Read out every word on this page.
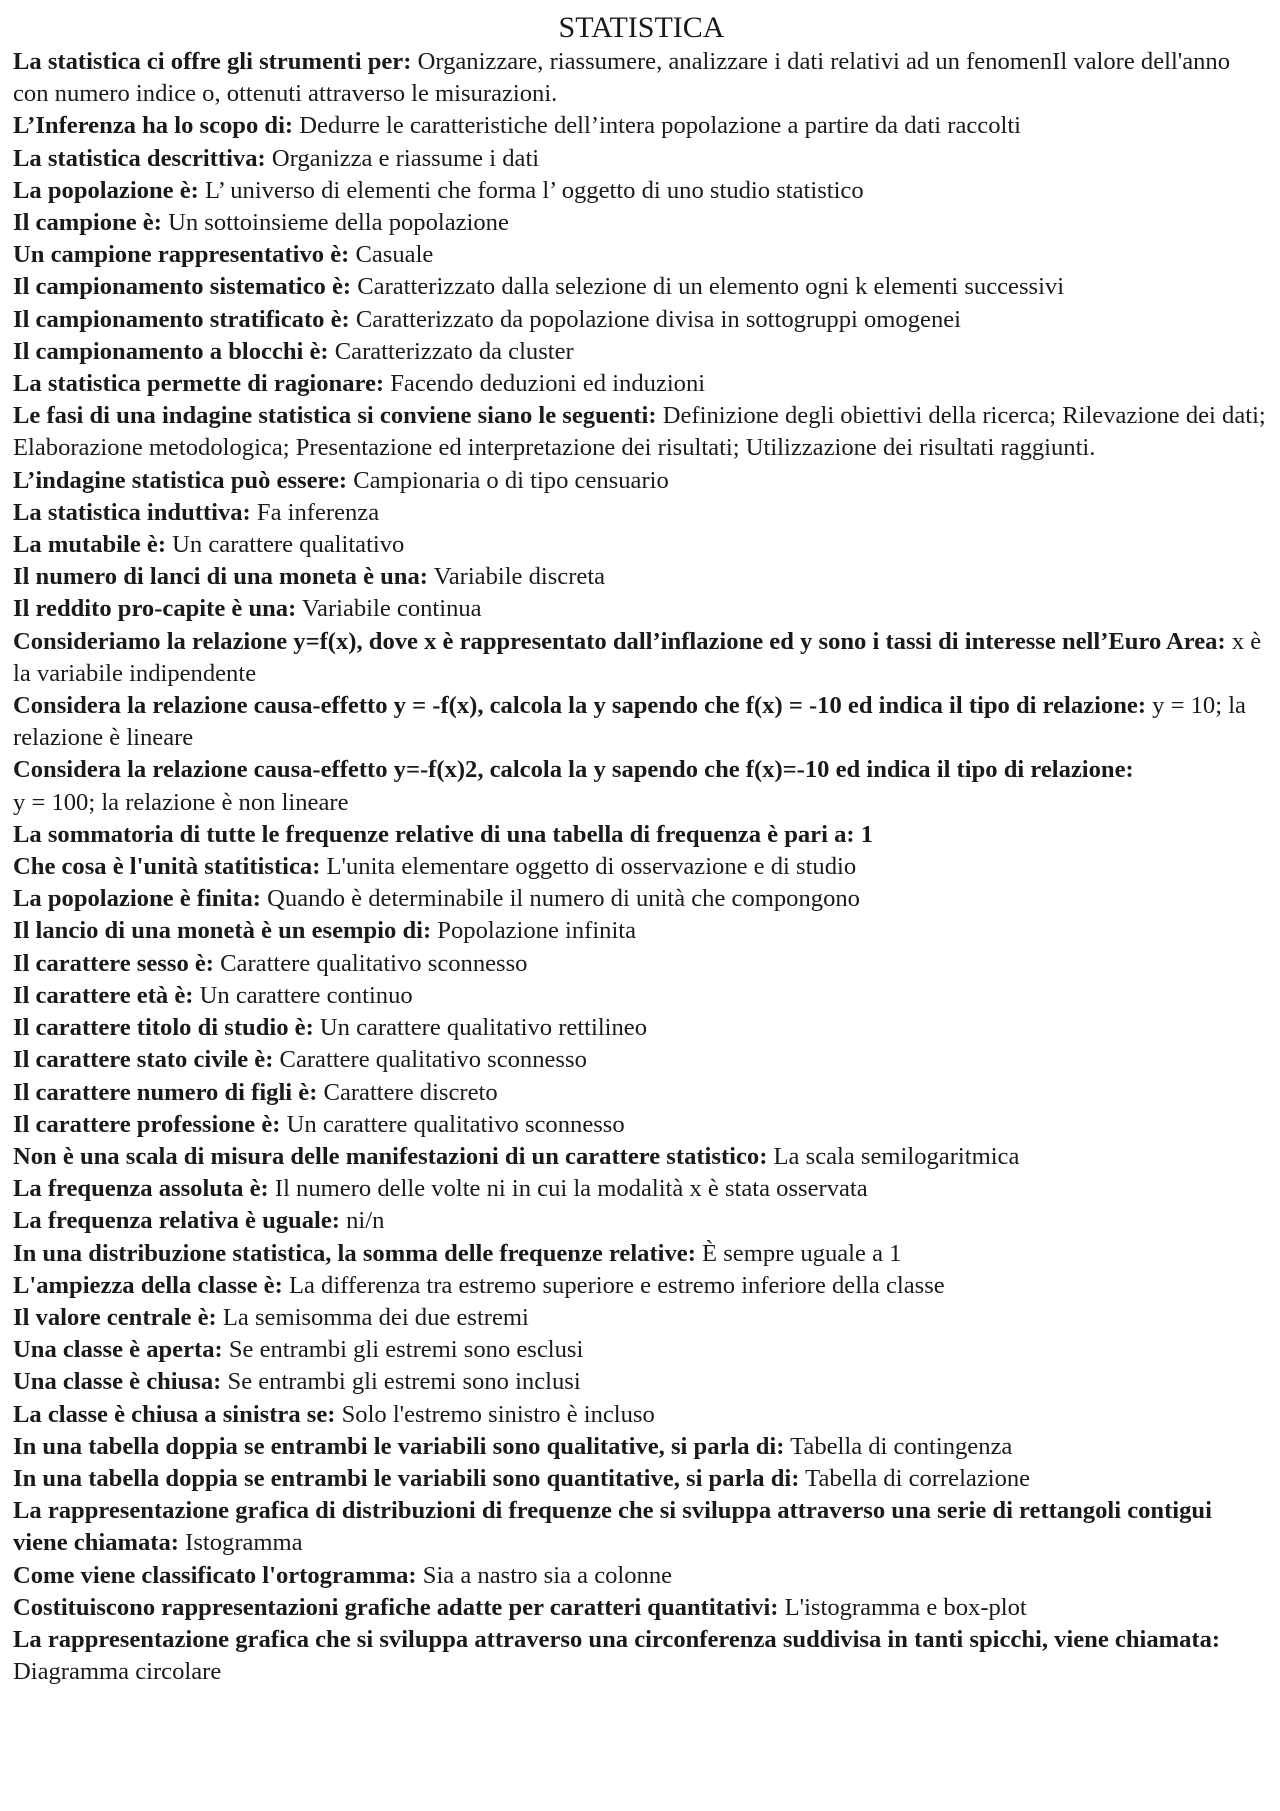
STATISTICA

La statistica ci offre gli strumenti per: Organizzare, riassumere, analizzare i dati relativi ad un fenomenIl valore dell'anno con numero indice o, ottenuti attraverso le misurazioni.

L’Inferenza ha lo scopo di: Dedurre le caratteristiche dell’intera popolazione a partire da dati raccolti

La statistica descrittiva: Organizza e riassume i dati

La popolazione è: L’ universo di elementi che forma l’ oggetto di uno studio statistico

Il campione è: Un sottoinsieme della popolazione

Un campione rappresentativo è: Casuale

Il campionamento sistematico è: Caratterizzato dalla selezione di un elemento ogni k elementi successivi

Il campionamento stratificato è: Caratterizzato da popolazione divisa in sottogruppi omogenei

Il campionamento a blocchi è: Caratterizzato da cluster

La statistica permette di ragionare: Facendo deduzioni ed induzioni

Le fasi di una indagine statistica si conviene siano le seguenti: Definizione degli obiettivi della ricerca; Rilevazione dei dati; Elaborazione metodologica; Presentazione ed interpretazione dei risultati; Utilizzazione dei risultati raggiunti.

L’indagine statistica può essere: Campionaria o di tipo censuario

La statistica induttiva: Fa inferenza

La mutabile è: Un carattere qualitativo

Il numero di lanci di una moneta è una: Variabile discreta

Il reddito pro-capite è una: Variabile continua

Consideriamo la relazione y=f(x), dove x è rappresentato dall’inflazione ed y sono i tassi di interesse nell’Euro Area: x è la variabile indipendente

Considera la relazione causa-effetto y = -f(x), calcola la y sapendo che f(x) = -10 ed indica il tipo di relazione: y = 10; la relazione è lineare

Considera la relazione causa-effetto y=-f(x)2, calcola la y sapendo che f(x)=-10 ed indica il tipo di relazione:
y = 100; la relazione è non lineare

La sommatoria di tutte le frequenze relative di una tabella di frequenza è pari a: 1

Che cosa è l'unità statitistica: L'unita elementare oggetto di osservazione e di studio

La popolazione è finita: Quando è determinabile il numero di unità che compongono

Il lancio di una monetà è un esempio di: Popolazione infinita

Il carattere sesso è: Carattere qualitativo sconnesso

Il carattere età è: Un carattere continuo

Il carattere titolo di studio è: Un carattere qualitativo rettilineo

Il carattere stato civile è: Carattere qualitativo sconnesso

Il carattere numero di figli è: Carattere discreto

Il carattere professione è: Un carattere qualitativo sconnesso

Non è una scala di misura delle manifestazioni di un carattere statistico: La scala semilogaritmica

La frequenza assoluta è: Il numero delle volte ni in cui la modalità x è stata osservata

La frequenza relativa è uguale: ni/n

In una distribuzione statistica, la somma delle frequenze relative: È sempre uguale a 1

L'ampiezza della classe è: La differenza tra estremo superiore e estremo inferiore della classe

Il valore centrale è: La semisomma dei due estremi

Una classe è aperta: Se entrambi gli estremi sono esclusi

Una classe è chiusa: Se entrambi gli estremi sono inclusi

La classe è chiusa a sinistra se: Solo l'estremo sinistro è incluso

In una tabella doppia se entrambi le variabili sono qualitative, si parla di: Tabella di contingenza

In una tabella doppia se entrambi le variabili sono quantitative, si parla di: Tabella di correlazione

La rappresentazione grafica di distribuzioni di frequenze che si sviluppa attraverso una serie di rettangoli contigui viene chiamata: Istogramma

Come viene classificato l'ortogramma: Sia a nastro sia a colonne

Costituiscono rappresentazioni grafiche adatte per caratteri quantitativi: L'istogramma e box-plot

La rappresentazione grafica che si sviluppa attraverso una circonferenza suddivisa in tanti spicchi, viene chiamata:
Diagramma circolare
